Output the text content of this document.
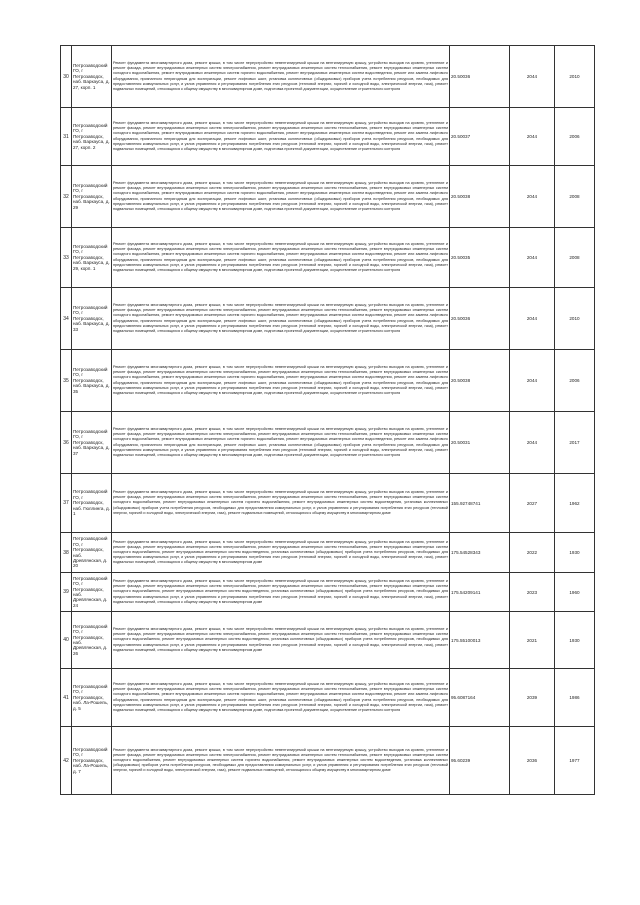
30	Петрозаводский ГО, г Петрозаводск, наб. Варкауса, д. 27, корп. 1	Ремонт фундамента многоквартирного дома, ремонт крыши, в том числе переустройство невентилируемой крыши на вентилируемую крышу, устройство выходов на кровлю, утепление и ремонт фасада, ремонт внутридомовых инженерных систем электроснабжения, ремонт внутридомовых инженерных систем теплоснабжения, ремонт внутридомовых инженерных систем холодного водоснабжения, ремонт внутридомовых инженерных систем горячего водоснабжения, ремонт внутридомовых инженерных систем водоотведения, ремонт или замена лифтового оборудования, признанного непригодным для эксплуатации, ремонт лифтовых шахт, установка коллективных (общедомовых) приборов учета потребления ресурсов, необходимых для предоставления коммунальных услуг, и узлов управления и регулирования потребления этих ресурсов (тепловой энергии, горячей и холодной воды, электрической энергии, газа), ремонт подвальных помещений, относящихся к общему имуществу в многоквартирном доме, подготовка проектной документации, осуществление строительного контроля	20.50036	2044	2010
31	Петрозаводский ГО, г Петрозаводск, наб. Варкауса, д. 27, корп. 2	Ремонт фундамента многоквартирного дома, ремонт крыши, в том числе переустройство невентилируемой крыши на вентилируемую крышу, устройство выходов на кровлю, утепление и ремонт фасада, ремонт внутридомовых инженерных систем электроснабжения, ремонт внутридомовых инженерных систем теплоснабжения, ремонт внутридомовых инженерных систем холодного водоснабжения, ремонт внутридомовых инженерных систем горячего водоснабжения, ремонт внутридомовых инженерных систем водоотведения, ремонт или замена лифтового оборудования, признанного непригодным для эксплуатации, ремонт лифтовых шахт, установка коллективных (общедомовых) приборов учета потребления ресурсов, необходимых для предоставления коммунальных услуг, и узлов управления и регулирования потребления этих ресурсов (тепловой энергии, горячей и холодной воды, электрической энергии, газа), ремонт подвальных помещений, относящихся к общему имуществу в многоквартирном доме, подготовка проектной документации, осуществление строительного контроля	20.50037	2044	2006
32	Петрозаводский ГО, г Петрозаводск, наб. Варкауса, д. 29	Ремонт фундамента многоквартирного дома, ремонт крыши, в том числе переустройство невентилируемой крыши на вентилируемую крышу, устройство выходов на кровлю, утепление и ремонт фасада, ремонт внутридомовых инженерных систем электроснабжения, ремонт внутридомовых инженерных систем теплоснабжения, ремонт внутридомовых инженерных систем холодного водоснабжения, ремонт внутридомовых инженерных систем горячего водоснабжения, ремонт внутридомовых инженерных систем водоотведения, ремонт или замена лифтового оборудования, признанного непригодным для эксплуатации, ремонт лифтовых шахт, установка коллективных (общедомовых) приборов учета потребления ресурсов, необходимых для предоставления коммунальных услуг, и узлов управления и регулирования потребления этих ресурсов (тепловой энергии, горячей и холодной воды, электрической энергии, газа), ремонт подвальных помещений, относящихся к общему имуществу в многоквартирном доме, подготовка проектной документации, осуществление строительного контроля	20.50038	2044	2008
33	Петрозаводский ГО, г Петрозаводск, наб. Варкауса, д. 29, корп. 1	Ремонт фундамента многоквартирного дома, ремонт крыши, в том числе переустройство невентилируемой крыши на вентилируемую крышу, устройство выходов на кровлю, утепление и ремонт фасада, ремонт внутридомовых инженерных систем электроснабжения, ремонт внутридомовых инженерных систем теплоснабжения, ремонт внутридомовых инженерных систем холодного водоснабжения, ремонт внутридомовых инженерных систем горячего водоснабжения, ремонт внутридомовых инженерных систем водоотведения, ремонт или замена лифтового оборудования, признанного непригодным для эксплуатации, ремонт лифтовых шахт, установка коллективных (общедомовых) приборов учета потребления ресурсов, необходимых для предоставления коммунальных услуг, и узлов управления и регулирования потребления этих ресурсов (тепловой энергии, горячей и холодной воды, электрической энергии, газа), ремонт подвальных помещений, относящихся к общему имуществу в многоквартирном доме, подготовка проектной документации, осуществление строительного контроля	20.50035	2044	2008
34	Петрозаводский ГО, г Петрозаводск, наб. Варкауса, д. 33	Ремонт фундамента многоквартирного дома, ремонт крыши, в том числе переустройство невентилируемой крыши на вентилируемую крышу, устройство выходов на кровлю, утепление и ремонт фасада, ремонт внутридомовых инженерных систем электроснабжения, ремонт внутридомовых инженерных систем теплоснабжения, ремонт внутридомовых инженерных систем холодного водоснабжения, ремонт внутридомовых инженерных систем горячего водоснабжения, ремонт внутридомовых инженерных систем водоотведения, ремонт или замена лифтового оборудования, признанного непригодным для эксплуатации, ремонт лифтовых шахт, установка коллективных (общедомовых) приборов учета потребления ресурсов, необходимых для предоставления коммунальных услуг, и узлов управления и регулирования потребления этих ресурсов (тепловой энергии, горячей и холодной воды, электрической энергии, газа), ремонт подвальных помещений, относящихся к общему имуществу в многоквартирном доме, подготовка проектной документации, осуществление строительного контроля	20.50036	2044	2010
35	Петрозаводский ГО, г Петрозаводск, наб. Варкауса, д. 35	Ремонт фундамента многоквартирного дома, ремонт крыши, в том числе переустройство невентилируемой крыши на вентилируемую крышу, устройство выходов на кровлю, утепление и ремонт фасада, ремонт внутридомовых инженерных систем электроснабжения, ремонт внутридомовых инженерных систем теплоснабжения, ремонт внутридомовых инженерных систем холодного водоснабжения, ремонт внутридомовых инженерных систем горячего водоснабжения, ремонт внутридомовых инженерных систем водоотведения, ремонт или замена лифтового оборудования, признанного непригодным для эксплуатации, ремонт лифтовых шахт, установка коллективных (общедомовых) приборов учета потребления ресурсов, необходимых для предоставления коммунальных услуг, и узлов управления и регулирования потребления этих ресурсов (тепловой энергии, горячей и холодной воды, электрической энергии, газа), ремонт подвальных помещений, относящихся к общему имуществу в многоквартирном доме, подготовка проектной документации, осуществление строительного контроля	20.50038	2044	2006
36	Петрозаводский ГО, г Петрозаводск, наб. Варкауса, д. 37	Ремонт фундамента многоквартирного дома, ремонт крыши, в том числе переустройство невентилируемой крыши на вентилируемую крышу, устройство выходов на кровлю, утепление и ремонт фасада, ремонт внутридомовых инженерных систем электроснабжения, ремонт внутридомовых инженерных систем теплоснабжения, ремонт внутридомовых инженерных систем холодного водоснабжения, ремонт внутридомовых инженерных систем горячего водоснабжения, ремонт внутридомовых инженерных систем водоотведения, ремонт или замена лифтового оборудования, признанного непригодным для эксплуатации, ремонт лифтовых шахт, установка коллективных (общедомовых) приборов учета потребления ресурсов, необходимых для предоставления коммунальных услуг, и узлов управления и регулирования потребления этих ресурсов (тепловой энергии, горячей и холодной воды, электрической энергии, газа), ремонт подвальных помещений, относящихся к общему имуществу в многоквартирном доме, подготовка проектной документации, осуществление строительного контроля	20.50031	2044	2017
37	Петрозаводский ГО, г Петрозаводск, наб. Гюллинга, д. 1	Ремонт фундамента многоквартирного дома, ремонт крыши, в том числе переустройство невентилируемой крыши на вентилируемую крышу, устройство выходов на кровлю, утепление и ремонт фасада, ремонт внутридомовых инженерных систем электроснабжения, ремонт внутридомовых инженерных систем теплоснабжения, ремонт внутридомовых инженерных систем холодного водоснабжения, ремонт внутридомовых инженерных систем горячего водоснабжения, ремонт внутридомовых инженерных систем водоотведения, установка коллективных (общедомовых) приборов учета потребления ресурсов, необходимых для предоставления коммунальных услуг, и узлов управления и регулирования потребления этих ресурсов (тепловой энергии, горячей и холодной воды, электрической энергии, газа), ремонт подвальных помещений, относящихся к общему имуществу в многоквартирном доме	155.92748741	2027	1962
38	Петрозаводский ГО, г Петрозаводск, наб. Древлянская, д. 20	Ремонт фундамента многоквартирного дома, ремонт крыши, в том числе переустройство невентилируемой крыши на вентилируемую крышу, устройство выходов на кровлю, утепление и ремонт фасада, ремонт внутридомовых инженерных систем электроснабжения, ремонт внутридомовых инженерных систем теплоснабжения, ремонт внутридомовых инженерных систем холодного водоснабжения, ремонт внутридомовых инженерных систем водоотведения, установка коллективных (общедомовых) приборов учета потребления ресурсов, необходимых для предоставления коммунальных услуг, и узлов управления и регулирования потребления этих ресурсов (тепловой энергии, горячей и холодной воды, электрической энергии, газа), ремонт подвальных помещений, относящихся к общему имуществу в многоквартирном доме	175.54528343	2022	1930
39	Петрозаводский ГО, г Петрозаводск, наб. Древлянская, д. 24	Ремонт фундамента многоквартирного дома, ремонт крыши, в том числе переустройство невентилируемой крыши на вентилируемую крышу, устройство выходов на кровлю, утепление и ремонт фасада, ремонт внутридомовых инженерных систем электроснабжения, ремонт внутридомовых инженерных систем теплоснабжения, ремонт внутридомовых инженерных систем холодного водоснабжения, ремонт внутридомовых инженерных систем водоотведения, установка коллективных (общедомовых) приборов учета потребления ресурсов, необходимых для предоставления коммунальных услуг, и узлов управления и регулирования потребления этих ресурсов (тепловой энергии, горячей и холодной воды, электрической энергии, газа), ремонт подвальных помещений, относящихся к общему имуществу в многоквартирном доме	175.54209141	2023	1960
40	Петрозаводский ГО, г Петрозаводск, наб. Древлянская, д. 26	Ремонт фундамента многоквартирного дома, ремонт крыши, в том числе переустройство невентилируемой крыши на вентилируемую крышу, устройство выходов на кровлю, утепление и ремонт фасада, ремонт внутридомовых инженерных систем электроснабжения, ремонт внутридомовых инженерных систем теплоснабжения, ремонт внутридомовых инженерных систем холодного водоснабжения, ремонт внутридомовых инженерных систем водоотведения, установка коллективных (общедомовых) приборов учета потребления ресурсов, необходимых для предоставления коммунальных услуг, и узлов управления и регулирования потребления этих ресурсов (тепловой энергии, горячей и холодной воды, электрической энергии, газа), ремонт подвальных помещений, относящихся к общему имуществу в многоквартирном доме	175.55100013	2021	1930
41	Петрозаводский ГО, г Петрозаводск, наб. Ла-Рошель, д. 5	Ремонт фундамента многоквартирного дома, ремонт крыши, в том числе переустройство невентилируемой крыши на вентилируемую крышу, устройство выходов на кровлю, утепление и ремонт фасада, ремонт внутридомовых инженерных систем электроснабжения, ремонт внутридомовых инженерных систем теплоснабжения, ремонт внутридомовых инженерных систем холодного водоснабжения, ремонт внутридомовых инженерных систем горячего водоснабжения, ремонт внутридомовых инженерных систем водоотведения, ремонт или замена лифтового оборудования, признанного непригодным для эксплуатации, ремонт лифтовых шахт, установка коллективных (общедомовых) приборов учета потребления ресурсов, необходимых для предоставления коммунальных услуг, и узлов управления и регулирования потребления этих ресурсов (тепловой энергии, горячей и холодной воды, электрической энергии, газа), ремонт подвальных помещений, относящихся к общему имуществу в многоквартирном доме, подготовка проектной документации, осуществление строительного контроля	95.6087164	2039	1986
42	Петрозаводский ГО, г Петрозаводск, наб. Ла-Рошель, д. 7	Ремонт фундамента многоквартирного дома, ремонт крыши, в том числе переустройство невентилируемой крыши на вентилируемую крышу, устройство выходов на кровлю, утепление и ремонт фасада, ремонт внутридомовых инженерных систем электроснабжения, ремонт внутридомовых инженерных систем теплоснабжения, ремонт внутридомовых инженерных систем холодного водоснабжения, ремонт внутридомовых инженерных систем горячего водоснабжения, ремонт внутридомовых инженерных систем водоотведения, установка коллективных (общедомовых) приборов учета потребления ресурсов, необходимых для предоставления коммунальных услуг, и узлов управления и регулирования потребления этих ресурсов (тепловой энергии, горячей и холодной воды, электрической энергии, газа), ремонт подвальных помещений, относящихся к общему имуществу в многоквартирном доме	95.60239	2036	1977
